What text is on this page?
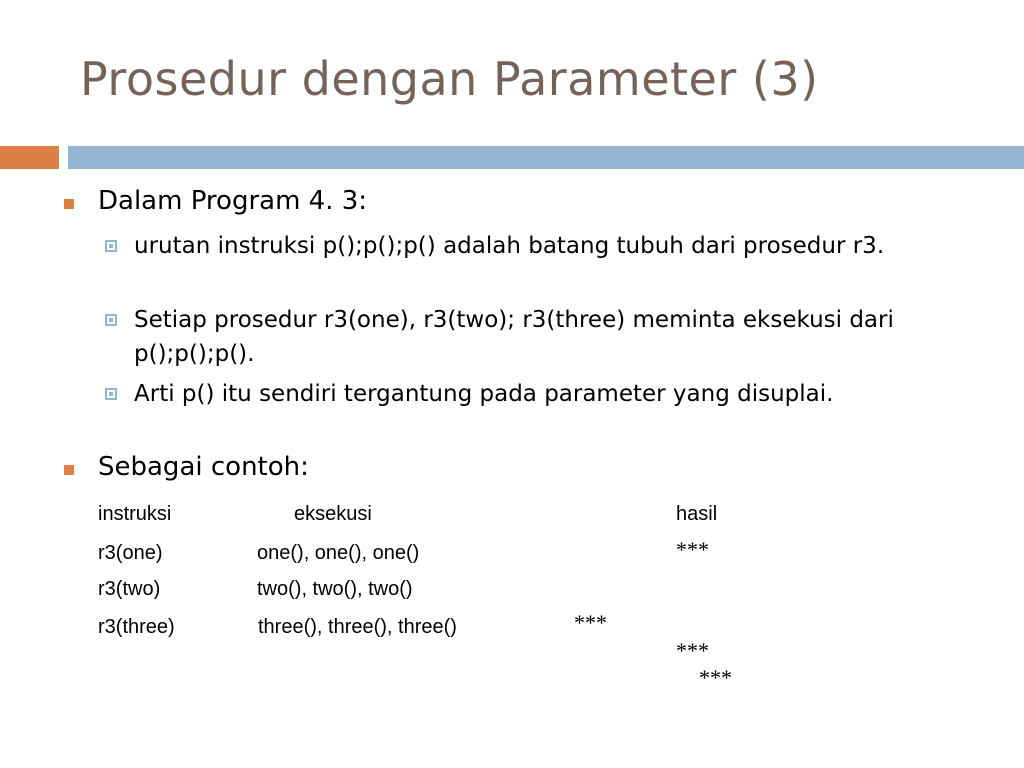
Prosedur dengan Parameter (3)
Dalam Program 4. 3:
urutan instruksi p();p();p() adalah batang tubuh dari prosedur r3.
Setiap prosedur r3(one), r3(two); r3(three) meminta eksekusi dari p();p();p().
Arti p() itu sendiri tergantung pada parameter yang disuplai.
Sebagai contoh:
instruksi	eksekusi	hasil
r3(one)	one(), one(), one()	***
r3(two)	two(), two(), two()
r3(three)	three(), three(), three()	***
***
***
